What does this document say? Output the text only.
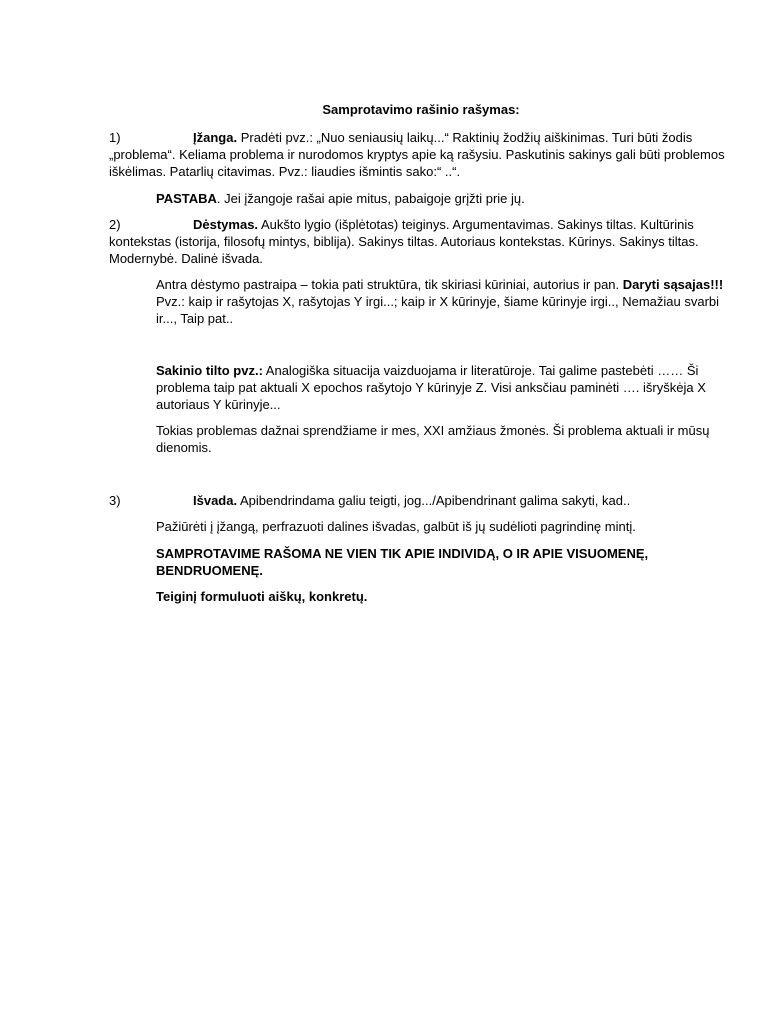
Samprotavimo rašinio rašymas:
1)	Įžanga. Pradėti pvz.: „Nuo seniausių laikų...“ Raktinių žodžių aiškinimas. Turi būti žodis „problema“. Keliama problema ir nurodomos kryptys apie ką rašysiu. Paskutinis sakinys gali būti problemos iškėlimas. Patarlių citavimas. Pvz.: liaudies išmintis sako:“ ..“.

PASTABA. Jei įžangoje rašai apie mitus, pabaigoje grįžti prie jų.

2)	Dėstymas. Aukšto lygio (išplėtotas) teiginys. Argumentavimas. Sakinys tiltas. Kultūrinis kontekstas (istorija, filosofų mintys, biblija). Sakinys tiltas. Autoriaus kontekstas. Kūrinys. Sakinys tiltas. Modernybė. Dalinė išvada.

Antra dėstymo pastraipa – tokia pati struktūra, tik skiriasi kūriniai, autorius ir pan. Daryti sąsajas!!! Pvz.: kaip ir rašytojas X, rašytojas Y irgi...; kaip ir X kūrinyje, šiame kūrinyje irgi.., Nemažiau svarbi ir..., Taip pat..

Sakinio tilto pvz.: Analogiška situacija vaizduojama ir literatūroje. Tai galime pastebėti …… Ši problema taip pat aktuali X epochos rašytojo Y kūrinyje Z. Visi anksčiau paminėti …. išryškėja X autoriaus Y kūrinyje...

Tokias problemas dažnai sprendžiame ir mes, XXI amžiaus žmonės. Ši problema aktuali ir mūsų dienomis.

3)	Išvada. Apibendrindama galiu teigti, jog.../Apibendrinant galima sakyti, kad..

Pažiūrėti į įžangą, perfrazuoti dalines išvadas, galbūt iš jų sudėlioti pagrindinę mintį.

SAMPROTAVIME RAŠOMA NE VIEN TIK APIE INDIVIDĄ, O IR APIE VISUOMENĘ, BENDRUOMENĘ.

Teiginį formuluoti aiškų, konkretų.
